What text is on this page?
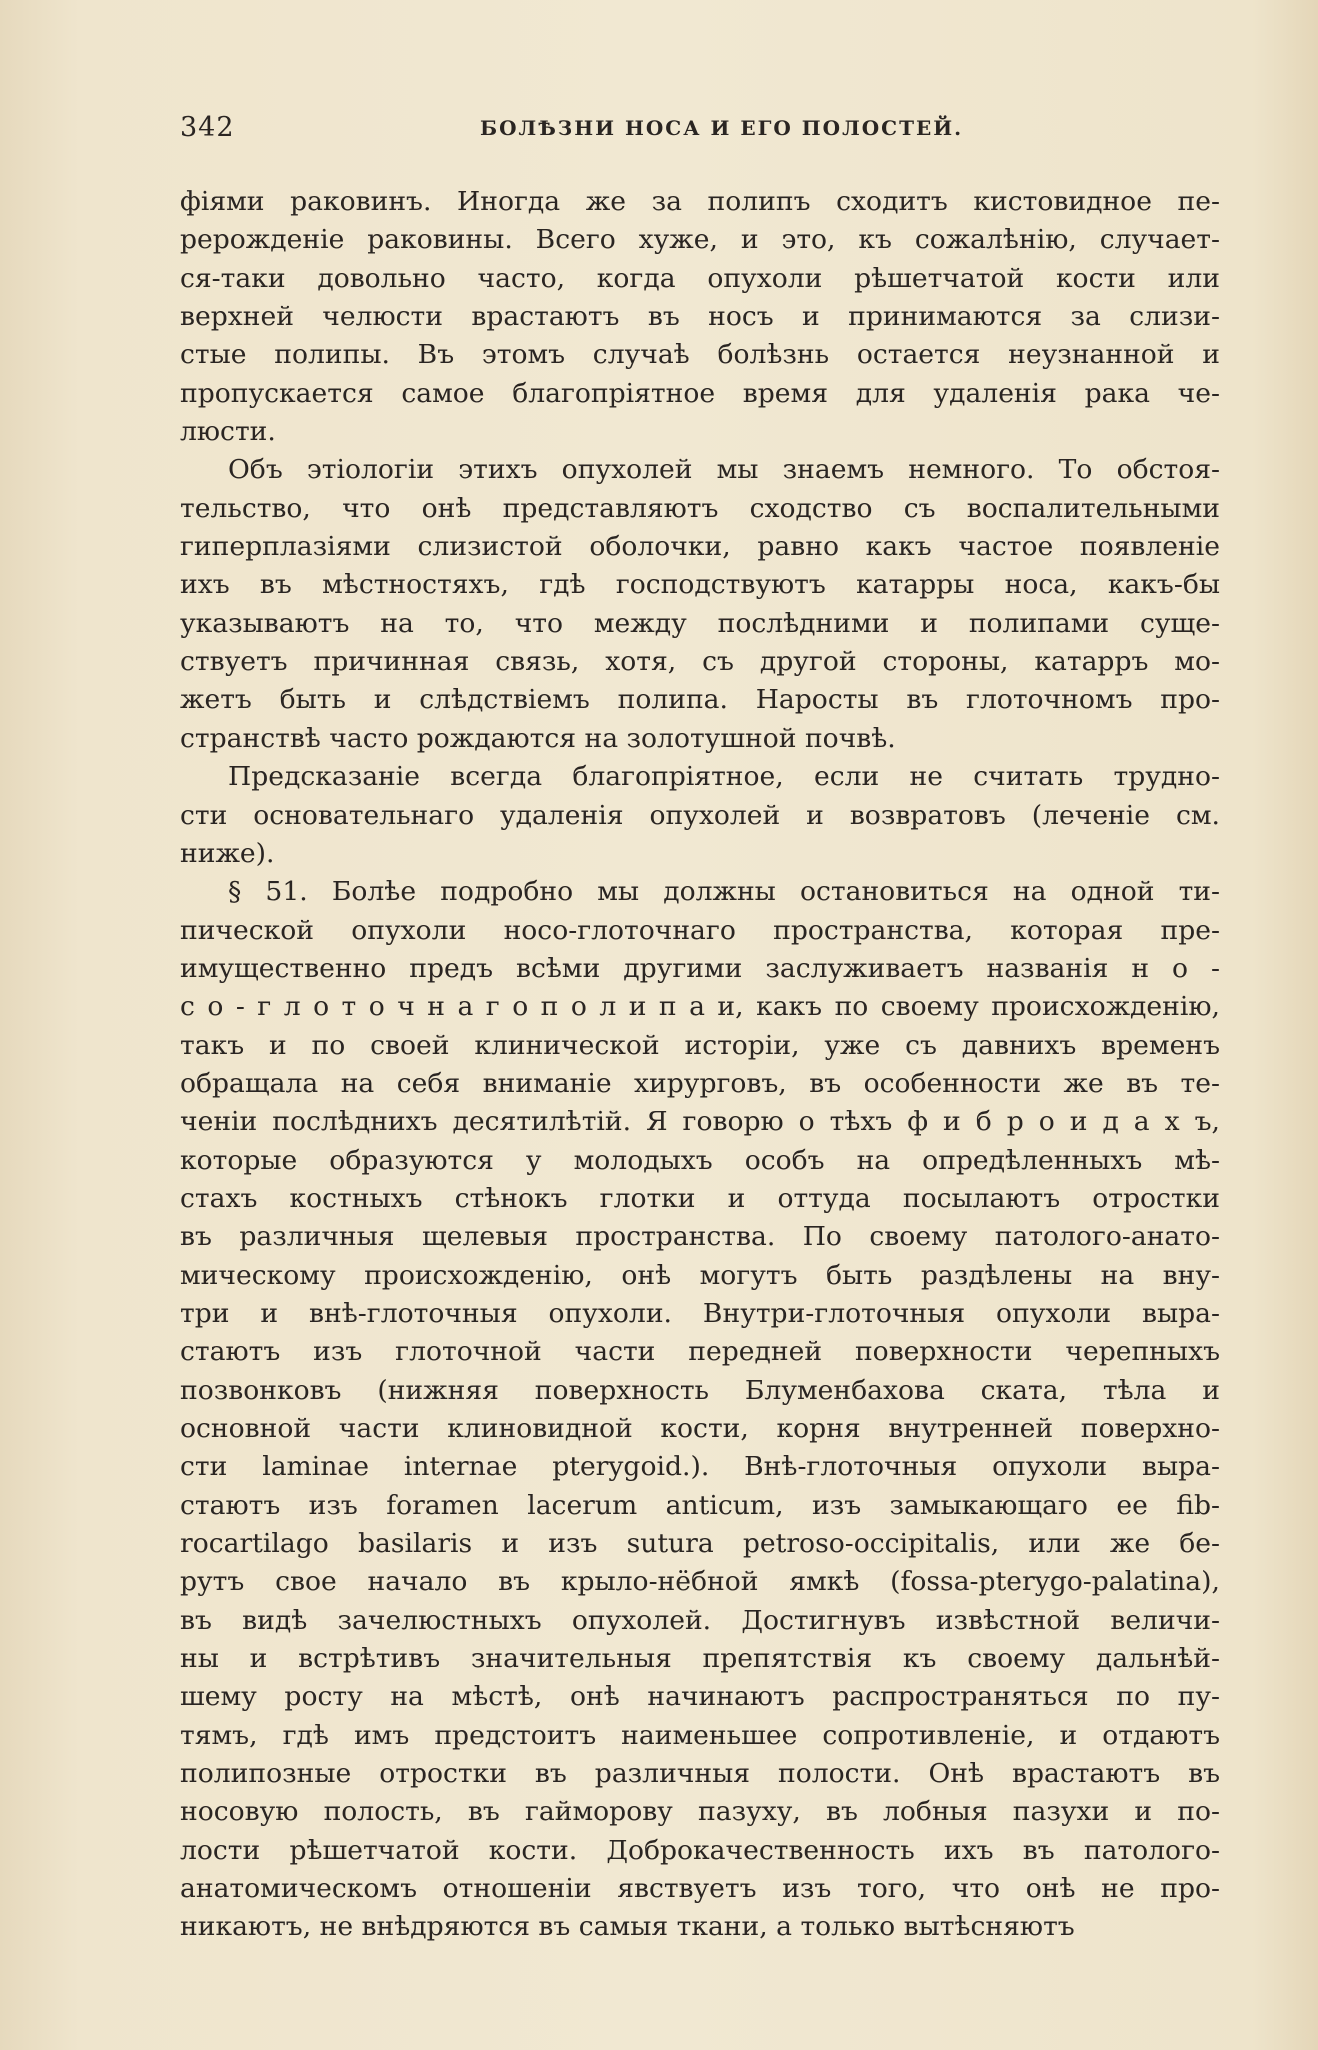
342	БОЛѢЗНИ НОСА И ЕГО ПОЛОСТЕЙ.
фіями раковинъ. Иногда же за полипъ сходитъ кистовидное пе-
рерожденіе раковины. Всего хуже, и это, къ сожалѣнію, случает-
ся-таки довольно часто, когда опухоли рѣшетчатой кости или
верхней челюсти врастаютъ въ носъ и принимаются за слизи-
стые полипы. Въ этомъ случаѣ болѣзнь остается неузнанной и
пропускается самое благопріятное время для удаленія рака че-
люсти.
Объ этіологіи этихъ опухолей мы знаемъ немного. То обстоя-
тельство, что онѣ представляютъ сходство съ воспалительными
гиперплазіями слизистой оболочки, равно какъ частое появленіе
ихъ въ мѣстностяхъ, гдѣ господствуютъ катарры носа, какъ-бы
указываютъ на то, что между послѣдними и полипами суще-
ствуетъ причинная связь, хотя, съ другой стороны, катарръ мо-
жетъ быть и слѣдствіемъ полипа. Наросты въ глоточномъ про-
странствѣ часто рождаются на золотушной почвѣ.
Предсказаніе всегда благопріятное, если не считать трудно-
сти основательнаго удаленія опухолей и возвратовъ (леченіе см.
ниже).
§ 51. Болѣе подробно мы должны остановиться на одной ти-
пической опухоли носо-глоточнаго пространства, которая пре-
имущественно предъ всѣми другими заслуживаетъ названія н о -
с о - г л о т о ч н а г о п о л и п а и, какъ по своему происхожденію,
такъ и по своей клинической исторіи, уже съ давнихъ временъ
обращала на себя вниманіе хирурговъ, въ особенности же въ те-
ченіи послѣднихъ десятилѣтій. Я говорю о тѣхъ ф и б р о и д а х ъ,
которые образуются у молодыхъ особъ на опредѣленныхъ мѣ-
стахъ костныхъ стѣнокъ глотки и оттуда посылаютъ отростки
въ различныя щелевыя пространства. По своему патолого-анато-
мическому происхожденію, онѣ могутъ быть раздѣлены на вну-
три и внѣ-глоточныя опухоли. Внутри-глоточныя опухоли выра-
стаютъ изъ глоточной части передней поверхности черепныхъ
позвонковъ (нижняя поверхность Блуменбахова ската, тѣла и
основной части клиновидной кости, корня внутренней поверхно-
сти laminae internae pterygoid.). Внѣ-глоточныя опухоли выра-
стаютъ изъ foramen lacerum anticum, изъ замыкающаго ее fib-
rocartilago basilaris и изъ sutura petroso-occipitalis, или же бе-
рутъ свое начало въ крыло-нёбной ямкѣ (fossa-pterygo-palatina),
въ видѣ зачелюстныхъ опухолей. Достигнувъ извѣстной величи-
ны и встрѣтивъ значительныя препятствія къ своему дальнѣй-
шему росту на мѣстѣ, онѣ начинаютъ распространяться по пу-
тямъ, гдѣ имъ предстоитъ наименьшее сопротивленіе, и отдаютъ
полипозные отростки въ различныя полости. Онѣ врастаютъ въ
носовую полость, въ гайморову пазуху, въ лобныя пазухи и по-
лости рѣшетчатой кости. Доброкачественность ихъ въ патолого-
анатомическомъ отношеніи явствуетъ изъ того, что онѣ не про-
никаютъ, не внѣдряются въ самыя ткани, а только вытѣсняютъ
